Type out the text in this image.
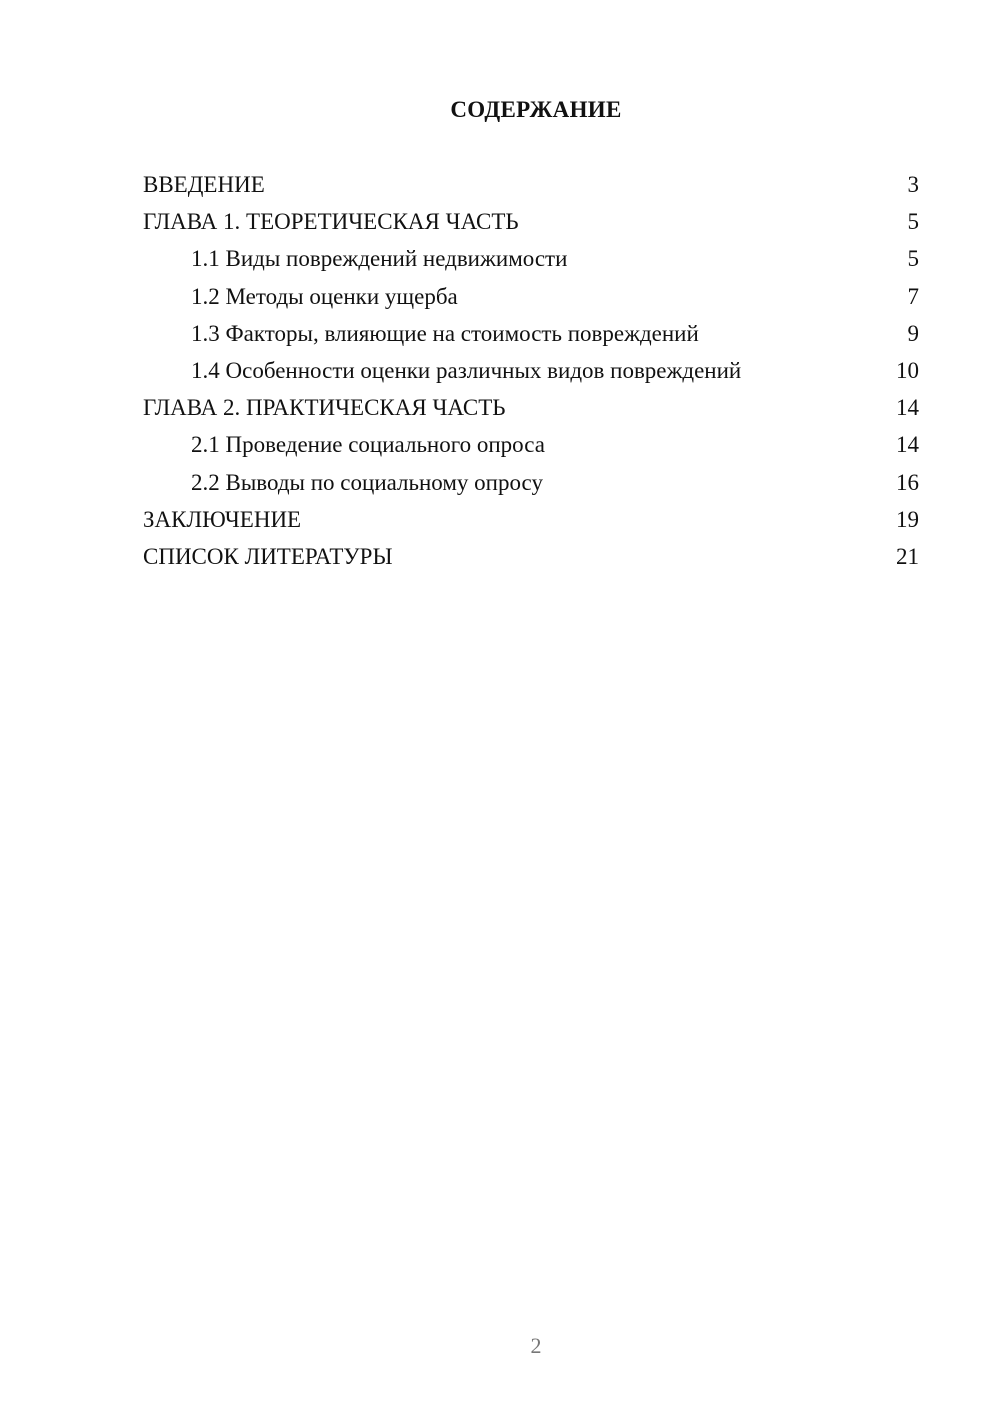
СОДЕРЖАНИЕ
ВВЕДЕНИЕ	3
ГЛАВА 1. ТЕОРЕТИЧЕСКАЯ ЧАСТЬ	5
1.1 Виды повреждений недвижимости	5
1.2 Методы оценки ущерба	7
1.3 Факторы, влияющие на стоимость повреждений	9
1.4 Особенности оценки различных видов повреждений	10
ГЛАВА 2. ПРАКТИЧЕСКАЯ ЧАСТЬ	14
2.1 Проведение социального опроса	14
2.2 Выводы по социальному опросу	16
ЗАКЛЮЧЕНИЕ	19
СПИСОК ЛИТЕРАТУРЫ	21
2
